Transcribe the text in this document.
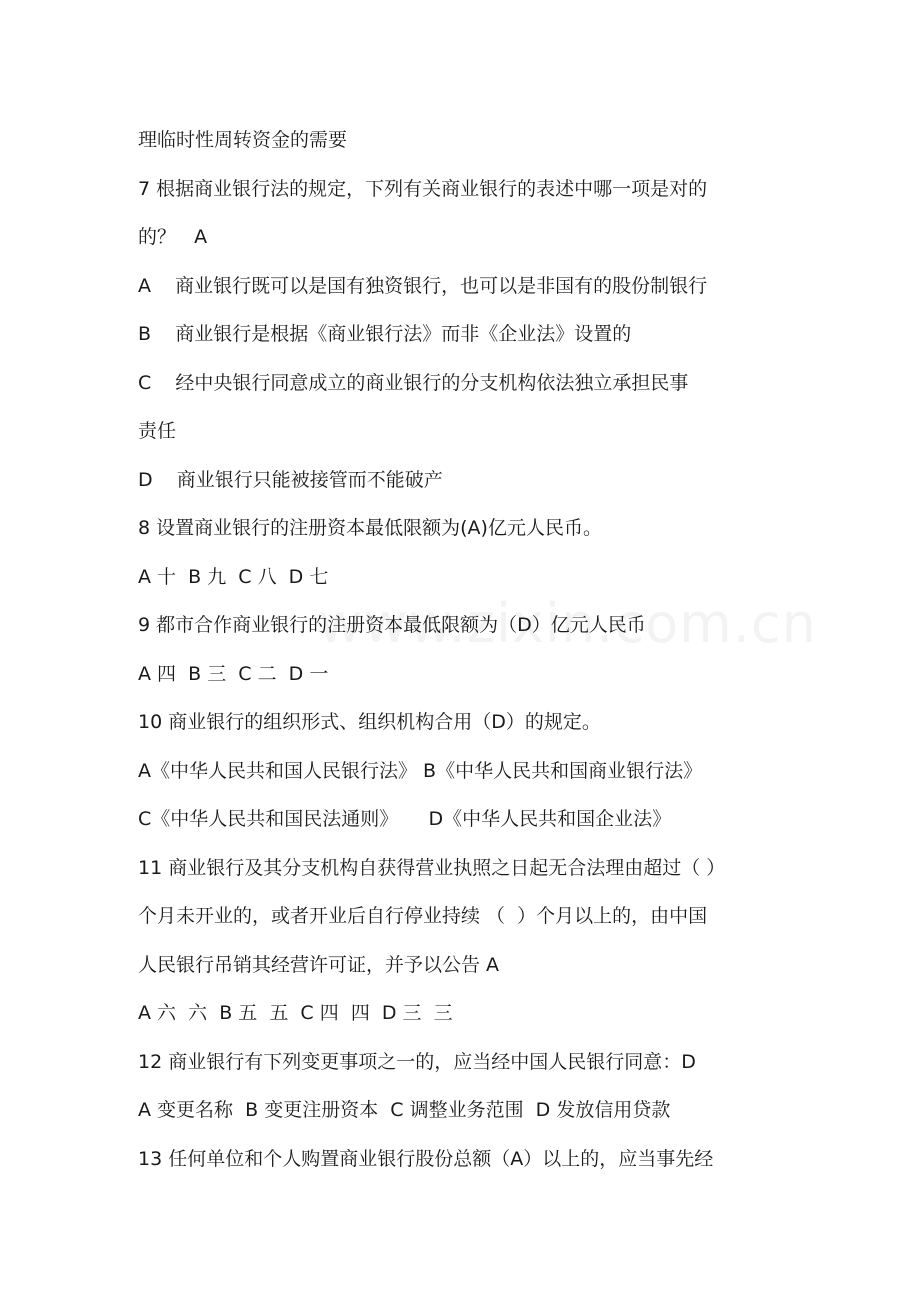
理临时性周转资金的需要
7 根据商业银行法的规定，下列有关商业银行的表述中哪一项是对的
的？   A
A    商业银行既可以是国有独资银行，也可以是非国有的股份制银行
B    商业银行是根据《商业银行法》而非《企业法》设置的
C    经中央银行同意成立的商业银行的分支机构依法独立承担民事
责任
D    商业银行只能被接管而不能破产
8 设置商业银行的注册资本最低限额为(A)亿元人民币。
A 十  B 九  C 八  D 七
9 都市合作商业银行的注册资本最低限额为（D）亿元人民币
A 四  B 三  C 二  D 一
10 商业银行的组织形式、组织机构合用（D）的规定。
A《中华人民共和国人民银行法》 B《中华人民共和国商业银行法》
C《中华人民共和国民法通则》     D《中华人民共和国企业法》
11 商业银行及其分支机构自获得营业执照之日起无合法理由超过（ ）
个月未开业的，或者开业后自行停业持续 （  ）个月以上的，由中国
人民银行吊销其经营许可证，并予以公告 A
A 六  六  B 五  五  C 四  四  D 三  三
12 商业银行有下列变更事项之一的，应当经中国人民银行同意：D
A 变更名称  B 变更注册资本  C 调整业务范围  D 发放信用贷款
13 任何单位和个人购置商业银行股份总额（A）以上的，应当事先经
